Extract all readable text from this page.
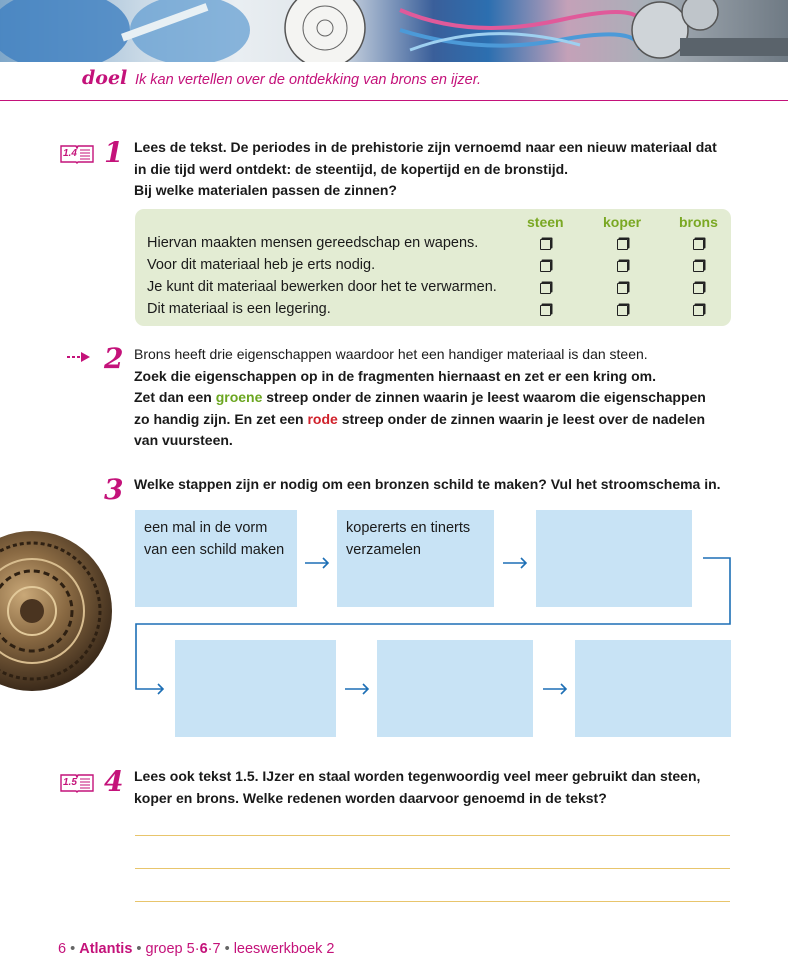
doel Ik kan vertellen over de ontdekking van brons en ijzer.
1.4 1 Lees de tekst. De periodes in de prehistorie zijn vernoemd naar een nieuw materiaal dat
in die tijd werd ontdekt: de steentijd, de kopertijd en de bronstijd.
Bij welke materialen passen de zinnen?
steen	koper	brons
Hiervan maakten mensen gereedschap en wapens.
Voor dit materiaal heb je erts nodig.
Je kunt dit materiaal bewerken door het te verwarmen.
Dit materiaal is een legering.
2 Brons heeft drie eigenschappen waardoor het een handiger materiaal is dan steen.
Zoek die eigenschappen op in de fragmenten hiernaast en zet er een kring om.
Zet dan een groene streep onder de zinnen waarin je leest waarom die eigenschappen
zo handig zijn. En zet een rode streep onder de zinnen waarin je leest over de nadelen
van vuursteen.
3 Welke stappen zijn er nodig om een bronzen schild te maken? Vul het stroomschema in.
een mal in de vorm
van een schild maken
kopererts en tinerts
verzamelen
1.5 4 Lees ook tekst 1.5. IJzer en staal worden tegenwoordig veel meer gebruikt dan steen,
koper en brons. Welke redenen worden daarvoor genoemd in de tekst?
6 • Atlantis • groep 5·6·7 • leeswerkboek 2
